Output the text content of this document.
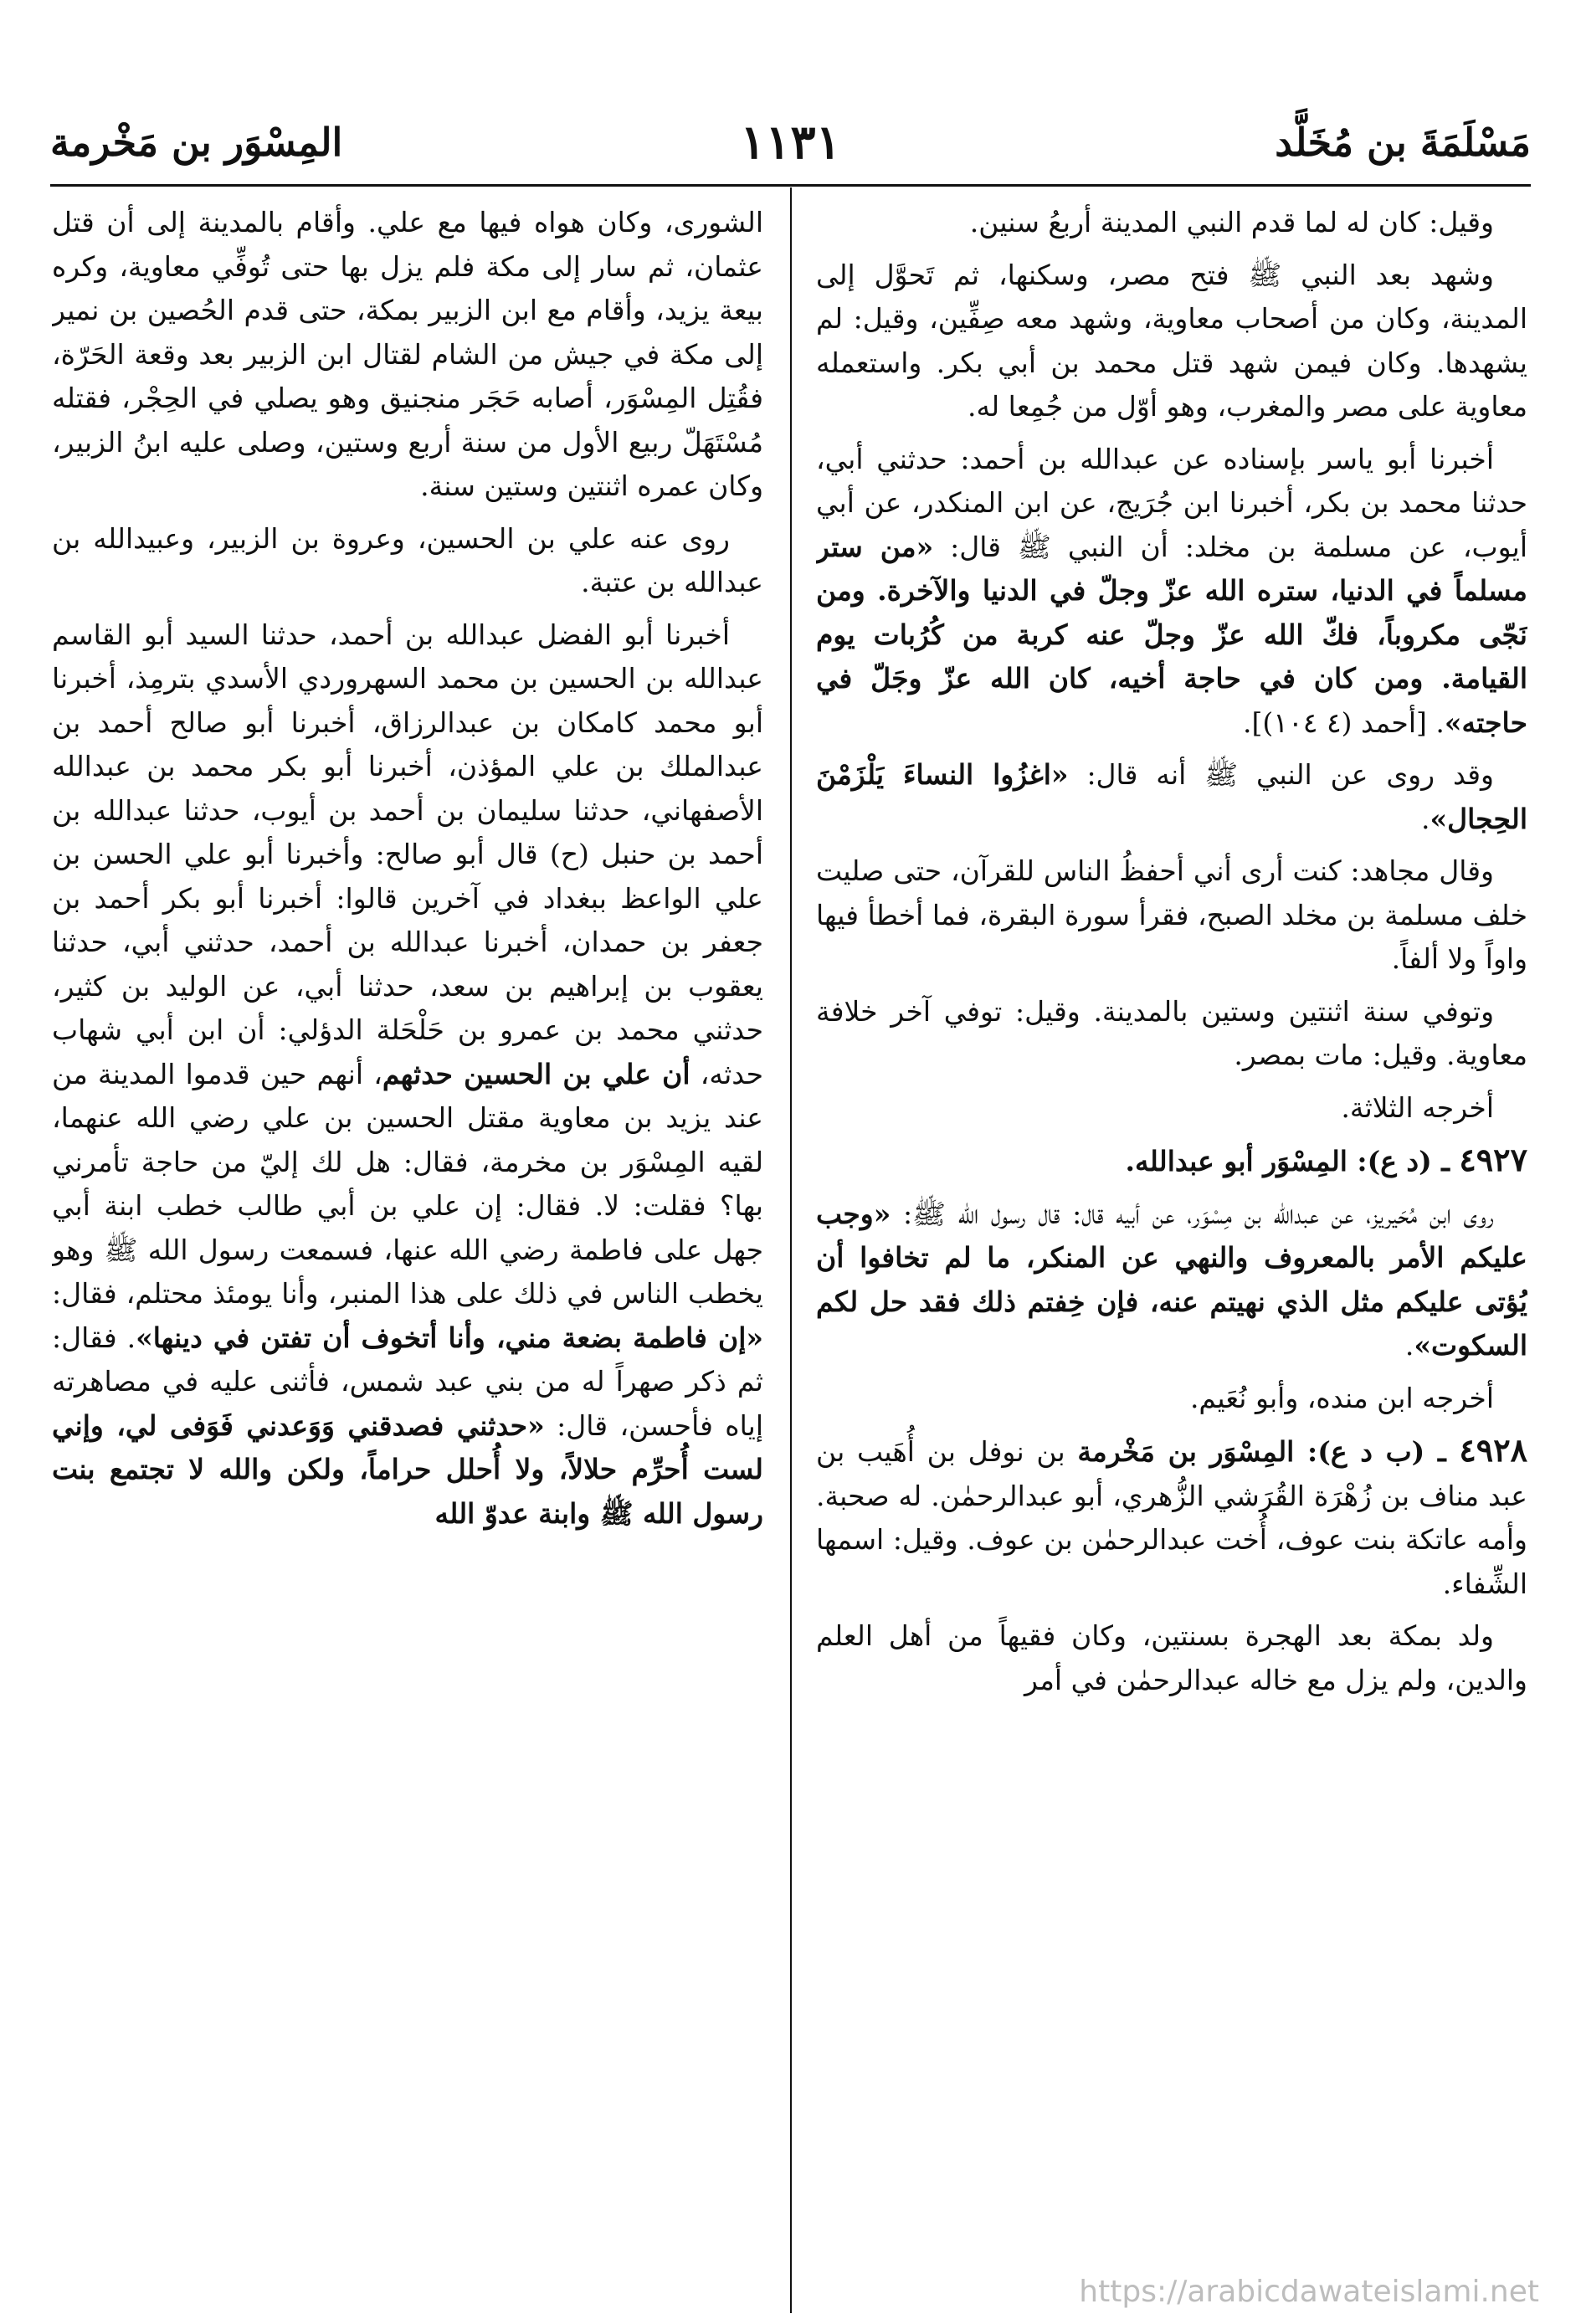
مَسْلَمَةَ بن مُخَلَّد
١١٣١
المِسْوَر بن مَخْرمة

وقيل: كان له لما قدم النبي المدينة أربعُ سنين.

وشهد بعد النبي ﷺ فتح مصر، وسكنها، ثم تَحوَّل إلى المدينة، وكان من أصحاب معاوية، وشهد معه صِفِّين، وقيل: لم يشهدها. وكان فيمن شهد قتل محمد بن أبي بكر. واستعمله معاوية على مصر والمغرب، وهو أوّل من جُمِعا له.

أخبرنا أبو ياسر بإسناده عن عبدالله بن أحمد: حدثني أبي، حدثنا محمد بن بكر، أخبرنا ابن جُرَيج، عن ابن المنكدر، عن أبي أيوب، عن مسلمة بن مخلد: أن النبي ﷺ قال: «من ستر مسلماً في الدنيا، ستره الله عزّ وجلّ في الدنيا والآخرة. ومن نَجّى مكروباً، فكّ الله عزّ وجلّ عنه كربة من كُرُبات يوم القيامة. ومن كان في حاجة أخيه، كان الله عزّ وجَلّ في حاجته». [أحمد (٤ ١٠٤)].

وقد روى عن النبي ﷺ أنه قال: «اغزُوا النساءَ يَلْزَمْنَ الحِجال».

وقال مجاهد: كنت أرى أني أحفظُ الناس للقرآن، حتى صليت خلف مسلمة بن مخلد الصبح، فقرأ سورة البقرة، فما أخطأ فيها واواً ولا ألفاً.

وتوفي سنة اثنتين وستين بالمدينة. وقيل: توفي آخر خلافة معاوية. وقيل: مات بمصر.

أخرجه الثلاثة.

٤٩٢٧ ـ (د ع): المِسْوَر أبو عبدالله.

روى ابن مُحَيريز، عن عبدالله بن مِسْوَر، عن أبيه قال: قال رسول الله ﷺ: «وجب عليكم الأمر بالمعروف والنهي عن المنكر، ما لم تخافوا أن يُؤتى عليكم مثل الذي نهيتم عنه، فإن خِفتم ذلك فقد حل لكم السكوت».

أخرجه ابن منده، وأبو نُعَيم.

٤٩٢٨ ـ (ب د ع): المِسْوَر بن مَخْرمة بن نوفل بن أُهَيب بن عبد مناف بن زُهْرَة القُرَشي الزُّهري، أبو عبدالرحمٰن. له صحبة. وأمه عاتكة بنت عوف، أُخت عبدالرحمٰن بن عوف. وقيل: اسمها الشِّفاء.

ولد بمكة بعد الهجرة بسنتين، وكان فقيهاً من أهل العلم والدين، ولم يزل مع خاله عبدالرحمٰن في أمر

الشورى، وكان هواه فيها مع علي. وأقام بالمدينة إلى أن قتل عثمان، ثم سار إلى مكة فلم يزل بها حتى تُوفِّي معاوية، وكره بيعة يزيد، وأقام مع ابن الزبير بمكة، حتى قدم الحُصين بن نمير إلى مكة في جيش من الشام لقتال ابن الزبير بعد وقعة الحَرّة، فقُتِل المِسْوَر، أصابه حَجَر منجنيق وهو يصلي في الحِجْر، فقتله مُسْتَهَلّ ربيع الأول من سنة أربع وستين، وصلى عليه ابنُ الزبير، وكان عمره اثنتين وستين سنة.

روى عنه علي بن الحسين، وعروة بن الزبير، وعبيدالله بن عبدالله بن عتبة.

أخبرنا أبو الفضل عبدالله بن أحمد، حدثنا السيد أبو القاسم عبدالله بن الحسين بن محمد السهروردي الأسدي بترمِذ، أخبرنا أبو محمد كامكان بن عبدالرزاق، أخبرنا أبو صالح أحمد بن عبدالملك بن علي المؤذن، أخبرنا أبو بكر محمد بن عبدالله الأصفهاني، حدثنا سليمان بن أحمد بن أيوب، حدثنا عبدالله بن أحمد بن حنبل (ح) قال أبو صالح: وأخبرنا أبو علي الحسن بن علي الواعظ ببغداد في آخرين قالوا: أخبرنا أبو بكر أحمد بن جعفر بن حمدان، أخبرنا عبدالله بن أحمد، حدثني أبي، حدثنا يعقوب بن إبراهيم بن سعد، حدثنا أبي، عن الوليد بن كثير، حدثني محمد بن عمرو بن حَلْحَلة الدؤلي: أن ابن أبي شهاب حدثه، أن علي بن الحسين حدثهم، أنهم حين قدموا المدينة من عند يزيد بن معاوية مقتل الحسين بن علي رضي الله عنهما، لقيه المِسْوَر بن مخرمة، فقال: هل لك إليّ من حاجة تأمرني بها؟ فقلت: لا. فقال: إن علي بن أبي طالب خطب ابنة أبي جهل على فاطمة رضي الله عنها، فسمعت رسول الله ﷺ وهو يخطب الناس في ذلك على هذا المنبر، وأنا يومئذ محتلم، فقال: «إن فاطمة بضعة مني، وأنا أتخوف أن تفتن في دينها». فقال: ثم ذكر صهراً له من بني عبد شمس، فأثنى عليه في مصاهرته إياه فأحسن، قال: «حدثني فصدقني وَوَعدني فَوَفى لي، وإني لست أُحرِّم حلالاً، ولا أُحلل حراماً، ولكن والله لا تجتمع بنت رسول الله ﷺ وابنة عدوّ الله

https://arabicdawateislami.net
